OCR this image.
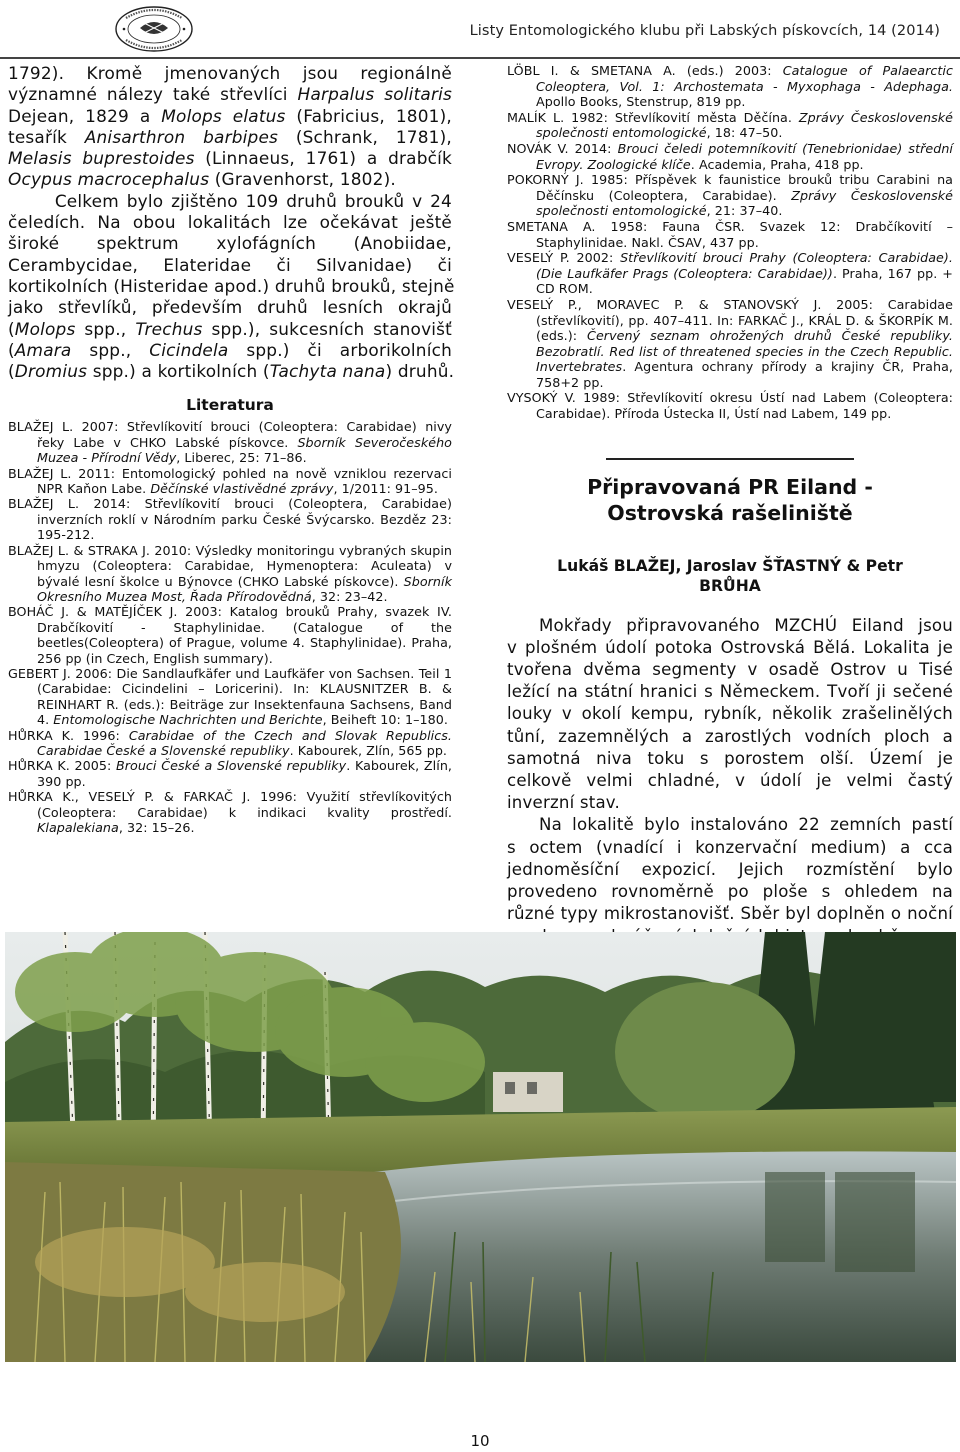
Listy Entomologického klubu při Labských pískovcích, 14 (2014)

1792). Kromě jmenovaných jsou regionálně
významné nálezy také střevlíci Harpalus solitaris
Dejean, 1829 a Molops elatus (Fabricius, 1801),
tesařík Anisarthron barbipes (Schrank, 1781),
Melasis buprestoides (Linnaeus, 1761) a drabčík
Ocypus macrocephalus (Gravenhorst, 1802).

Celkem bylo zjištěno 109 druhů brouků v 24
čeledích. Na obou lokalitách lze očekávat ještě
široké spektrum xylofágních (Anobiidae,
Cerambycidae, Elateridae či Silvanidae) či
kortikolních (Histeridae apod.) druhů brouků, stejně
jako střevlíků, především druhů lesních okrajů
(Molops spp., Trechus spp.), sukcesních stanovišť
(Amara spp., Cicindela spp.) či arborikolních
(Dromius spp.) a kortikolních (Tachyta nana) druhů.

Literatura

BLAŽEJ L. 2007: Střevlíkovití brouci (Coleoptera: Carabidae) nivy řeky Labe v CHKO Labské pískovce. Sborník Severočeského Muzea - Přírodní Vědy, Liberec, 25: 71–86.

BLAŽEJ L. 2011: Entomologický pohled na nově vzniklou rezervaci NPR Kaňon Labe. Děčínské vlastivědné zprávy, 1/2011: 91–95.

BLAŽEJ L. 2014: Střevlíkovití brouci (Coleoptera, Carabidae) inverzních roklí v Národním parku České Švýcarsko. Bezděz 23: 195-212.

BLAŽEJ L. & STRAKA J. 2010: Výsledky monitoringu vybraných skupin hmyzu (Coleoptera: Carabidae, Hymenoptera: Aculeata) v bývalé lesní školce u Býnovce (CHKO Labské pískovce). Sborník Okresního Muzea Most, Řada Přírodovědná, 32: 23–42.

BOHÁČ J. & MATĚJÍČEK J. 2003: Katalog brouků Prahy, svazek IV. Drabčíkovití - Staphylinidae. (Catalogue of the beetles(Coleoptera) of Prague, volume 4. Staphylinidae). Praha, 256 pp (in Czech, English summary).

GEBERT J. 2006: Die Sandlaufkäfer und Laufkäfer von Sachsen. Teil 1 (Carabidae: Cicindelini – Loricerini). In: KLAUSNITZER B. & REINHART R. (eds.): Beiträge zur Insektenfauna Sachsens, Band 4. Entomologische Nachrichten und Berichte, Beiheft 10: 1–180.

HŮRKA K. 1996: Carabidae of the Czech and Slovak Republics. Carabidae České a Slovenské republiky. Kabourek, Zlín, 565 pp.

HŮRKA K. 2005: Brouci České a Slovenské republiky. Kabourek, Zlín, 390 pp.

HŮRKA K., VESELÝ P. & FARKAČ J. 1996: Využití střevlíkovitých (Coleoptera: Carabidae) k indikaci kvality prostředí. Klapalekiana, 32: 15–26.

LÖBL I. & SMETANA A. (eds.) 2003: Catalogue of Palaearctic Coleoptera, Vol. 1: Archostemata - Myxophaga - Adephaga. Apollo Books, Stenstrup, 819 pp.

MALÍK L. 1982: Střevlíkovití města Děčína. Zprávy Československé společnosti entomologické, 18: 47–50.

NOVÁK V. 2014: Brouci čeledi potemníkovití (Tenebrionidae) střední Evropy. Zoologické klíče. Academia, Praha, 418 pp.

POKORNÝ J. 1985: Příspěvek k faunistice brouků tribu Carabini na Děčínsku (Coleoptera, Carabidae). Zprávy Československé společnosti entomologické, 21: 37–40.

SMETANA A. 1958: Fauna ČSR. Svazek 12: Drabčíkovití – Staphylinidae. Nakl. ČSAV, 437 pp.

VESELÝ P. 2002: Střevlíkovití brouci Prahy (Coleoptera: Carabidae). (Die Laufkäfer Prags (Coleoptera: Carabidae)). Praha, 167 pp. + CD ROM.

VESELÝ P., MORAVEC P. & STANOVSKÝ J. 2005: Carabidae (střevlíkovití), pp. 407–411. In: FARKAČ J., KRÁL D. & ŠKORPÍK M. (eds.): Červený seznam ohrožených druhů České republiky. Bezobratlí. Red list of threatened species in the Czech Republic. Invertebrates. Agentura ochrany přírody a krajiny ČR, Praha, 758+2 pp.

VYSOKÝ V. 1989: Střevlíkovití okresu Ústí nad Labem (Coleoptera: Carabidae). Příroda Ústecka II, Ústí nad Labem, 149 pp.

Připravovaná PR Eiland -
Ostrovská rašeliniště

Lukáš BLAŽEJ, Jaroslav ŠŤASTNÝ & Petr
BRŮHA

Mokřady připravovaného MZCHÚ Eiland jsou
v plošném údolí potoka Ostrovská Bělá. Lokalita je
tvořena dvěma segmenty v osadě Ostrov u Tisé
ležící na státní hranici s Německem. Tvoří ji sečené
louky v okolí kempu, rybník, několik zrašelinělých
tůní, zazemnělých a zarostlých vodních ploch a
samotná niva toku s porostem olší. Území je
celkově velmi chladné, v údolí je velmi častý
inverzní stav.

Na lokalitě bylo instalováno 22 zemních pastí
s octem (vnadící i konzervační medium) a cca
jednoměsíční expozicí. Jejich rozmístění bylo
provedeno rovnoměrně po ploše s ohledem na
různé typy mikrostanovišť. Sběr byl doplněn o noční

10
